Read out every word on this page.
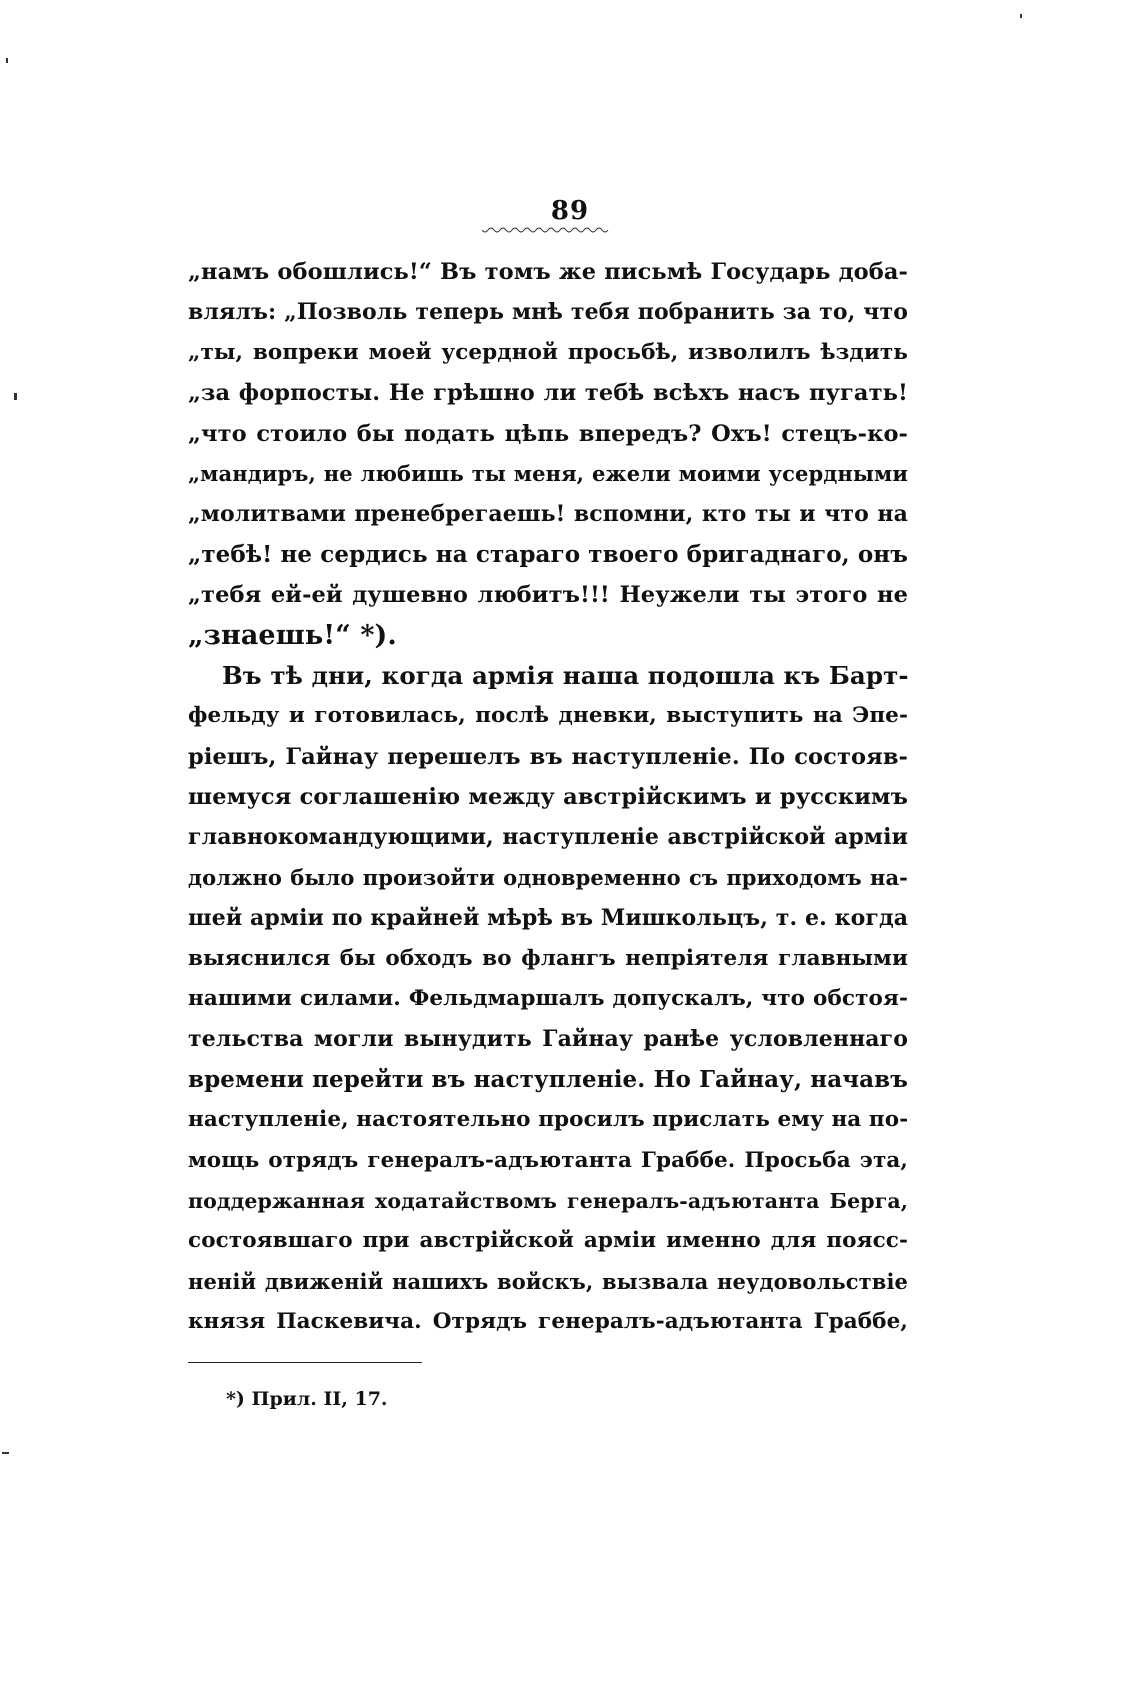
89
„намъ обошлись!“ Въ томъ же письмѣ Государь доба-
влялъ: „Позволь теперь мнѣ тебя побранить за то, что
„ты, вопреки моей усердной просьбѣ, изволилъ ѣздить
„за форпосты. Не грѣшно ли тебѣ всѣхъ насъ пугать!
„что стоило бы подать цѣпь впередъ? Охъ! стецъ-ко-
„мандиръ, не любишь ты меня, ежели моими усердными
„молитвами пренебрегаешь! вспомни, кто ты и что на
„тебѣ! не сердись на стараго твоего бригаднаго, онъ
„тебя ей-ей душевно любитъ!!! Неужели ты этого не
„знаешь!“ *).
Въ тѣ дни, когда армія наша подошла къ Барт-
фельду и готовилась, послѣ дневки, выступить на Эпе-
ріешъ, Гайнау перешелъ въ наступленіе. По состояв-
шемуся соглашенію между австрійскимъ и русскимъ
главнокомандующими, наступленіе австрійской арміи
должно было произойти одновременно съ приходомъ на-
шей арміи по крайней мѣрѣ въ Мишкольцъ, т. е. когда
выяснился бы обходъ во флангъ непріятеля главными
нашими силами. Фельдмаршалъ допускалъ, что обстоя-
тельства могли вынудить Гайнау ранѣе условленнаго
времени перейти въ наступленіе. Но Гайнау, начавъ
наступленіе, настоятельно просилъ прислать ему на по-
мощь отрядъ генералъ-адъютанта Граббе. Просьба эта,
поддержанная ходатайствомъ генералъ-адъютанта Берга,
состоявшаго при австрійской арміи именно для поясс-
неній движеній нашихъ войскъ, вызвала неудовольствіе
князя Паскевича. Отрядъ генералъ-адъютанта Граббе,
*) Прил. II, 17.
